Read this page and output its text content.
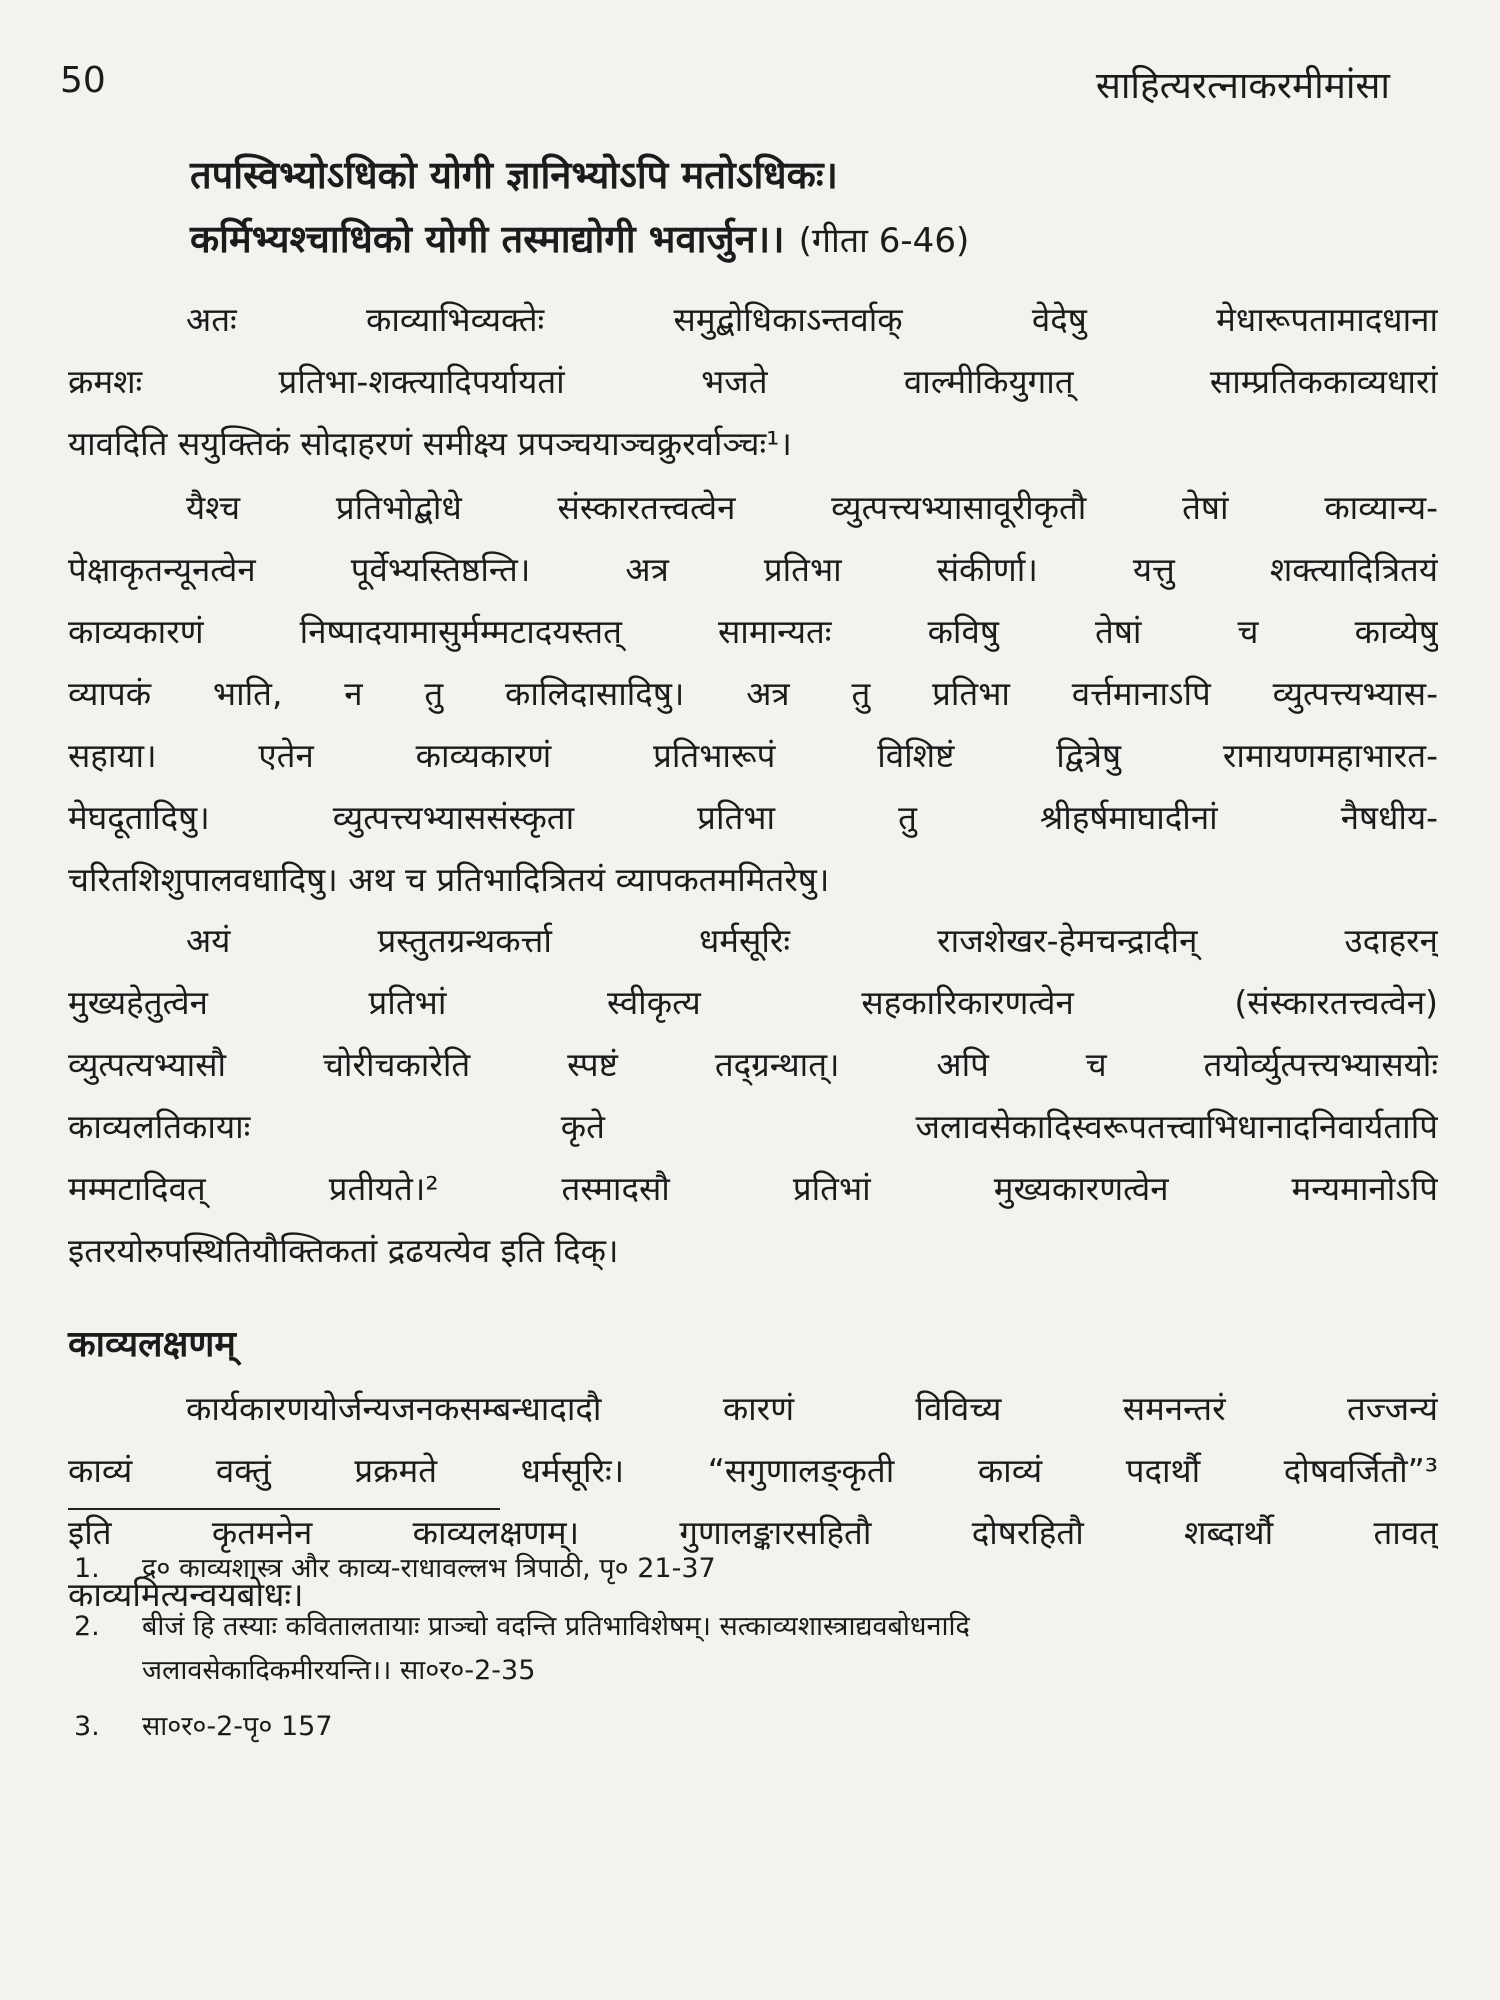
50	साहित्यरत्नाकरमीमांसा
तपस्विभ्योऽधिको योगी ज्ञानिभ्योऽपि मतोऽधिकः।
कर्मिभ्यश्चाधिको योगी तस्माद्योगी भवार्जुन।। (गीता 6-46)
अतः काव्याभिव्यक्तेः समुद्बोधिकाऽन्तर्वाक् वेदेषु मेधारूपतामादधाना
क्रमशः प्रतिभा-शक्त्यादिपर्यायतां भजते वाल्मीकियुगात् साम्प्रतिककाव्यधारां
यावदिति सयुक्तिकं सोदाहरणं समीक्ष्य प्रपञ्चयाञ्चक्रुरर्वाञ्चः¹।
यैश्च प्रतिभोद्बोधे संस्कारतत्त्वत्वेन व्युत्पत्त्यभ्यासावूरीकृतौ तेषां काव्यान्य-
पेक्षाकृतन्यूनत्वेन पूर्वेभ्यस्तिष्ठन्ति। अत्र प्रतिभा संकीर्णा। यत्तु शक्त्यादित्रितयं
काव्यकारणं निष्पादयामासुर्मम्मटादयस्तत् सामान्यतः कविषु तेषां च काव्येषु
व्यापकं भाति, न तु कालिदासादिषु। अत्र तु प्रतिभा वर्त्तमानाऽपि व्युत्पत्त्यभ्यास-
सहाया। एतेन काव्यकारणं प्रतिभारूपं विशिष्टं द्वित्रेषु रामायणमहाभारत-
मेघदूतादिषु। व्युत्पत्त्यभ्याससंस्कृता प्रतिभा तु श्रीहर्षमाघादीनां नैषधीय-
चरितशिशुपालवधादिषु। अथ च प्रतिभादित्रितयं व्यापकतममितरेषु।
अयं प्रस्तुतग्रन्थकर्त्ता धर्मसूरिः राजशेखर-हेमचन्द्रादीन् उदाहरन्
मुख्यहेतुत्वेन प्रतिभां स्वीकृत्य सहकारिकारणत्वेन (संस्कारतत्त्वत्वेन)
व्युत्पत्यभ्यासौ चोरीचकारेति स्पष्टं तद्ग्रन्थात्। अपि च तयोर्व्युत्पत्त्यभ्यासयोः
काव्यलतिकायाः कृते जलावसेकादिस्वरूपतत्त्वाभिधानादनिवार्यतापि
मम्मटादिवत् प्रतीयते।² तस्मादसौ प्रतिभां मुख्यकारणत्वेन मन्यमानोऽपि
इतरयोरुपस्थितियौक्तिकतां द्रढयत्येव इति दिक्।
काव्यलक्षणम्
कार्यकारणयोर्जन्यजनकसम्बन्धादादौ कारणं विविच्य समनन्तरं तज्जन्यं
काव्यं वक्तुं प्रक्रमते धर्मसूरिः। “सगुणालङ्कृती काव्यं पदार्थौ दोषवर्जितौ”³
इति कृतमनेन काव्यलक्षणम्। गुणालङ्कारसहितौ दोषरहितौ शब्दार्थौ तावत्
काव्यमित्यन्वयबोधः।
1. द्र० काव्यशास्त्र और काव्य-राधावल्लभ त्रिपाठी, पृ० 21-37
2. बीजं हि तस्याः कवितालतायाः प्राञ्चो वदन्ति प्रतिभाविशेषम्। सत्काव्यशास्त्राद्यवबोधनादि
जलावसेकादिकमीरयन्ति।। सा०र०-2-35
3. सा०र०-2-पृ० 157
